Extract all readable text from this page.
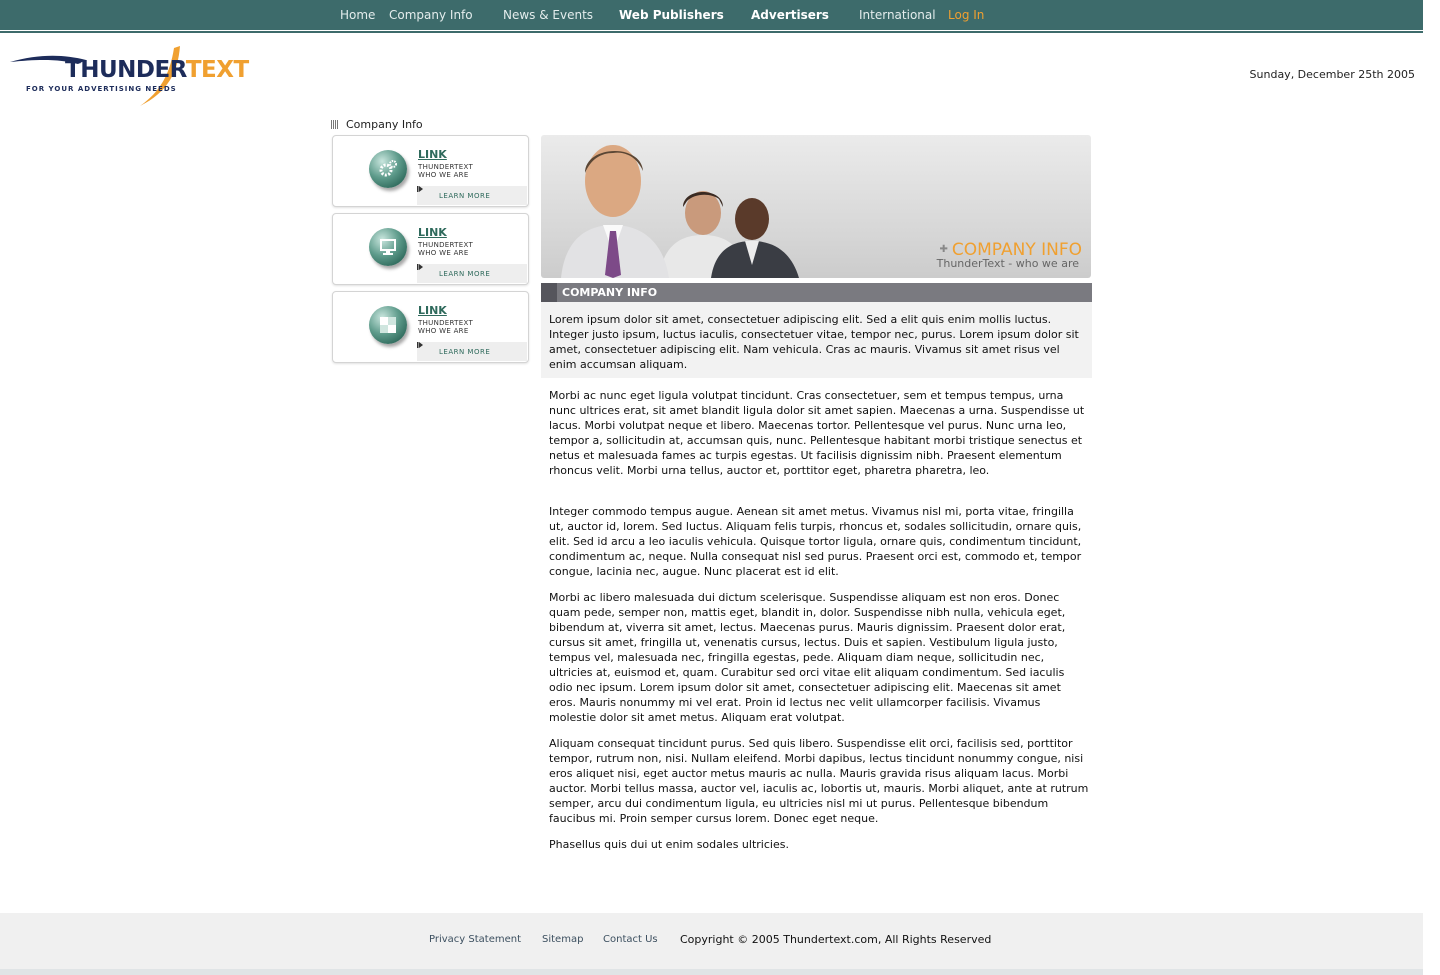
Home Company Info	News & Events Web Publishers Advertisers	International Log In
THUNDERTEXT
FOR YOUR ADVERTISING NEEDS
Sunday, December 25th 2005
Company Info
LINK
THUNDERTEXT
WHO WE ARE
LEARN MORE
LINK
THUNDERTEXT
WHO WE ARE
LEARN MORE
LINK
THUNDERTEXT
WHO WE ARE
LEARN MORE
✚ COMPANY INFO
ThunderText - who we are
COMPANY INFO

Lorem ipsum dolor sit amet, consectetuer adipiscing elit. Sed a elit quis enim mollis luctus. Integer justo ipsum, luctus iaculis, consectetuer vitae, tempor nec, purus. Lorem ipsum dolor sit amet, consectetuer adipiscing elit. Nam vehicula. Cras ac mauris. Vivamus sit amet risus vel enim accumsan aliquam.

Morbi ac nunc eget ligula volutpat tincidunt. Cras consectetuer, sem et tempus tempus, urna nunc ultrices erat, sit amet blandit ligula dolor sit amet sapien. Maecenas a urna. Suspendisse ut lacus. Morbi volutpat neque et libero. Maecenas tortor. Pellentesque vel purus. Nunc urna leo, tempor a, sollicitudin at, accumsan quis, nunc. Pellentesque habitant morbi tristique senectus et netus et malesuada fames ac turpis egestas. Ut facilisis dignissim nibh. Praesent elementum rhoncus velit. Morbi urna tellus, auctor et, porttitor eget, pharetra pharetra, leo.

Integer commodo tempus augue. Aenean sit amet metus. Vivamus nisl mi, porta vitae, fringilla ut, auctor id, lorem. Sed luctus. Aliquam felis turpis, rhoncus et, sodales sollicitudin, ornare quis, elit. Sed id arcu a leo iaculis vehicula. Quisque tortor ligula, ornare quis, condimentum tincidunt, condimentum ac, neque. Nulla consequat nisl sed purus. Praesent orci est, commodo et, tempor congue, lacinia nec, augue. Nunc placerat est id elit.

Morbi ac libero malesuada dui dictum scelerisque. Suspendisse aliquam est non eros. Donec quam pede, semper non, mattis eget, blandit in, dolor. Suspendisse nibh nulla, vehicula eget, bibendum at, viverra sit amet, lectus. Maecenas purus. Mauris dignissim. Praesent dolor erat, cursus sit amet, fringilla ut, venenatis cursus, lectus. Duis et sapien. Vestibulum ligula justo, tempus vel, malesuada nec, fringilla egestas, pede. Aliquam diam neque, sollicitudin nec, ultricies at, euismod et, quam. Curabitur sed orci vitae elit aliquam condimentum. Sed iaculis odio nec ipsum. Lorem ipsum dolor sit amet, consectetuer adipiscing elit. Maecenas sit amet eros. Mauris nonummy mi vel erat. Proin id lectus nec velit ullamcorper facilisis. Vivamus molestie dolor sit amet metus. Aliquam erat volutpat.

Aliquam consequat tincidunt purus. Sed quis libero. Suspendisse elit orci, facilisis sed, porttitor tempor, rutrum non, nisi. Nullam eleifend. Morbi dapibus, lectus tincidunt nonummy congue, nisi eros aliquet nisi, eget auctor metus mauris ac nulla. Mauris gravida risus aliquam lacus. Morbi auctor. Morbi tellus massa, auctor vel, iaculis ac, lobortis ut, mauris. Morbi aliquet, ante at rutrum semper, arcu dui condimentum ligula, eu ultricies nisl mi ut purus. Pellentesque bibendum faucibus mi. Proin semper cursus lorem. Donec eget neque.

Phasellus quis dui ut enim sodales ultricies.

Privacy Statement Sitemap Contact Us Copyright © 2005 Thundertext.com, All Rights Reserved
